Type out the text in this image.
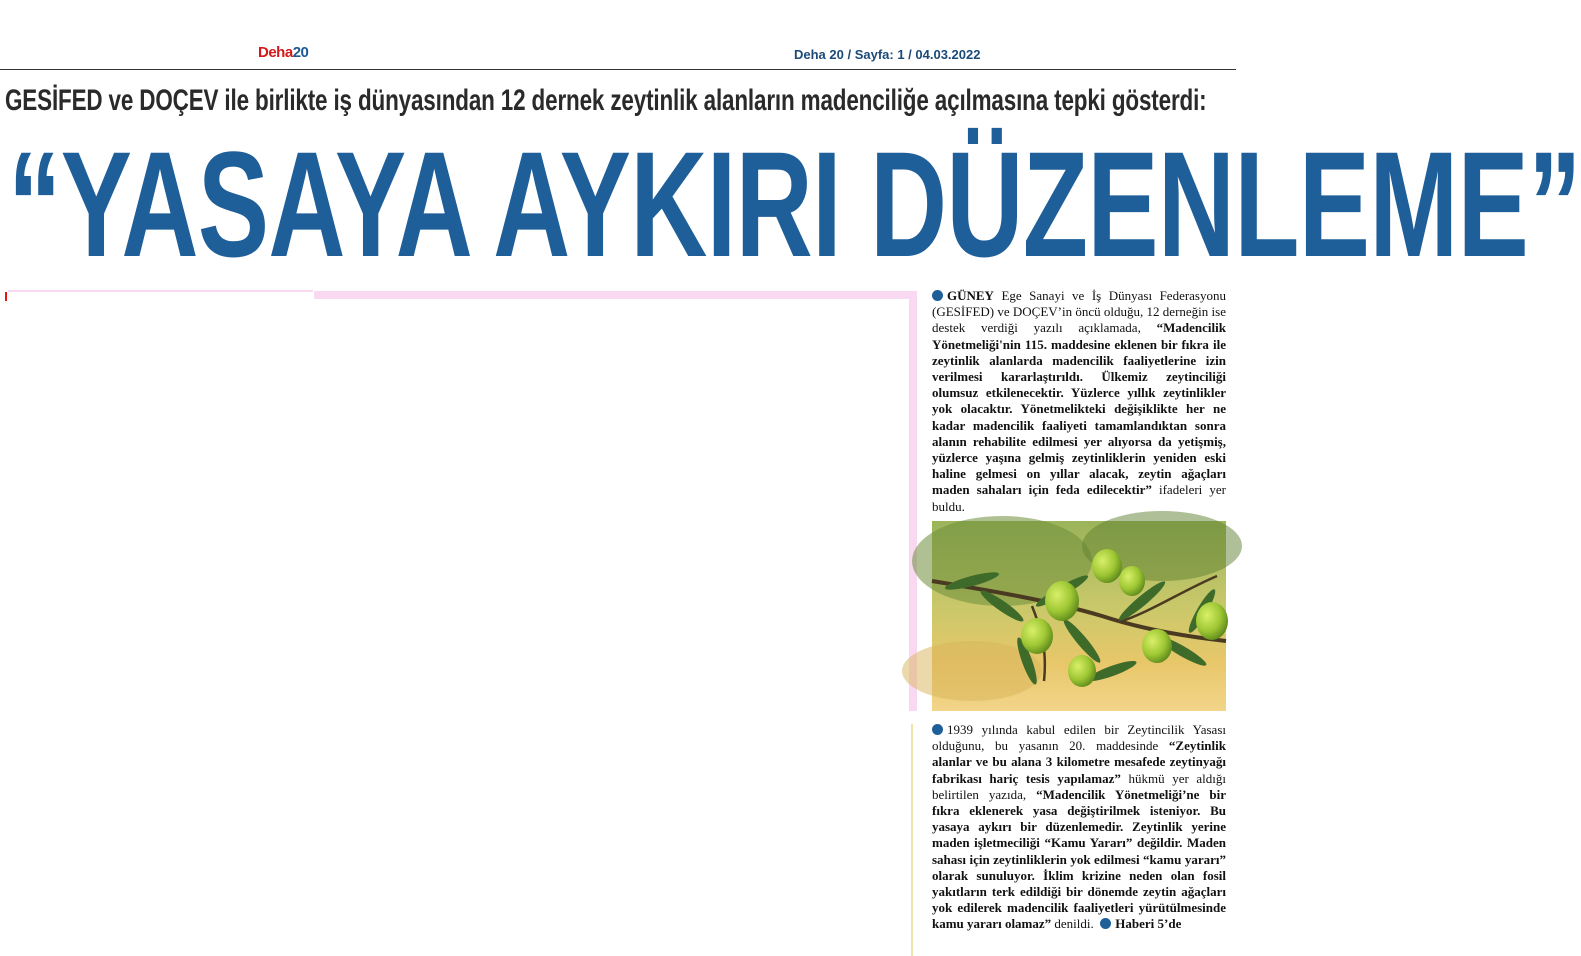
Deha20	Deha 20 / Sayfa: 1 / 04.03.2022
GESİFED ve DOÇEV ile birlikte iş dünyasından 12 dernek zeytinlik alanların madenciliğe açılmasına tepki gösterdi:
“YASAYA AYKIRI DÜZENLEME”
GÜNEY Ege Sanayi ve İş Dünyası Federasyonu (GESİFED) ve DOÇEV’in öncü olduğu, 12 derneğin ise destek verdiği yazılı açıklamada, “Madencilik Yönetmeliği'nin 115. maddesine eklenen bir fıkra ile zeytinlik alanlarda madencilik faaliyetlerine izin verilmesi kararlaştırıldı. Ülkemiz zeytinciliği olumsuz etkilenecektir. Yüzlerce yıllık zeytinlikler yok olacaktır. Yönetmelikteki değişiklikte her ne kadar madencilik faaliyeti tamamlandıktan sonra alanın rehabilite edilmesi yer alıyorsa da yetişmiş, yüzlerce yaşına gelmiş zeytinliklerin yeniden eski haline gelmesi on yıllar alacak, zeytin ağaçları maden sahaları için feda edilecektir” ifadeleri yer buldu.
1939 yılında kabul edilen bir Zeytincilik Yasası olduğunu, bu yasanın 20. maddesinde “Zeytinlik alanlar ve bu alana 3 kilometre mesafede zeytinyağı fabrikası hariç tesis yapılamaz” hükmü yer aldığı belirtilen yazıda, “Madencilik Yönetmeliği’ne bir fıkra eklenerek yasa değiştirilmek isteniyor. Bu yasaya aykırı bir düzenlemedir. Zeytinlik yerine maden işletmeciliği “Kamu Yararı” değildir. Maden sahası için zeytinliklerin yok edilmesi “kamu yararı” olarak sunuluyor. İklim krizine neden olan fosil yakıtların terk edildiği bir dönemde zeytin ağaçları yok edilerek madencilik faaliyetleri yürütülmesinde kamu yararı olamaz” denildi. Haberi 5’de
